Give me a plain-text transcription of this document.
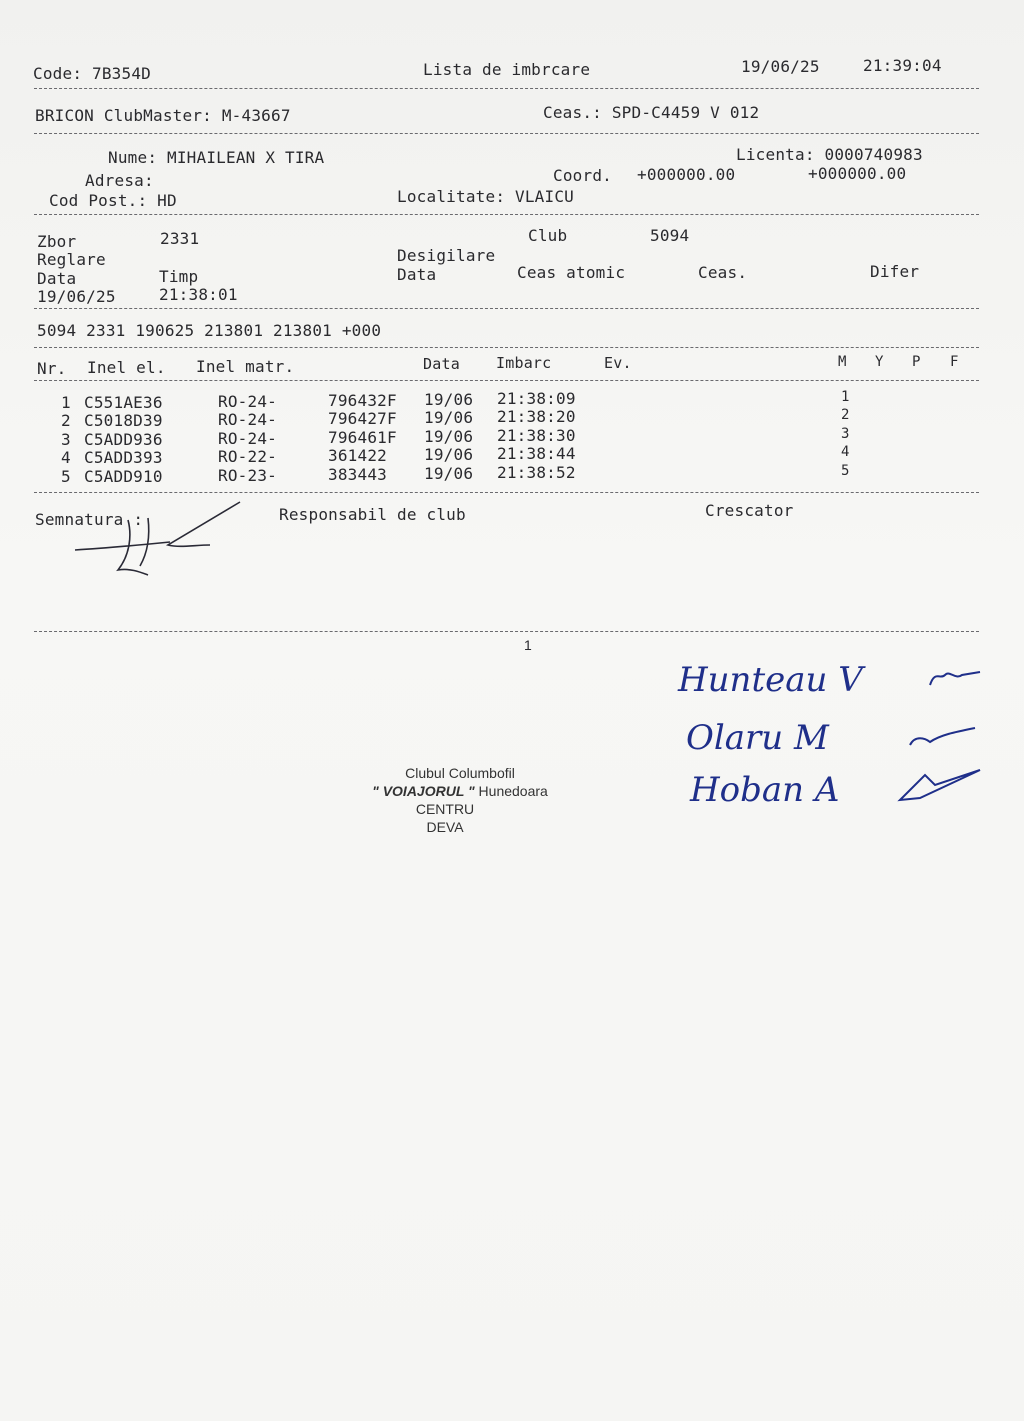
Code: 7B354D	Lista de imbrcare	19/06/25	21:39:04
BRICON ClubMaster: M-43667	Ceas.: SPD-C4459 V 012
Nume: MIHAILEAN X TIRA	Licenta: 0000740983
Adresa:	Coord. +000000.00	+000000.00
Cod Post.: HD	Localitate: VLAICU
Zbor	2331	Club	5094
Reglare	Desigilare
Data	Timp	Data	Ceas atomic	Ceas.	Difer
19/06/25	21:38:01
5094 2331 190625 213801 213801 +000
Nr. Inel el. Inel matr.	Data Imbarc	Ev.	M Y P F
1 C551AE36	RO-24-	796432F 19/06 21:38:09	1
2 C5018D39	RO-24-	796427F 19/06 21:38:20	2
3 C5ADD936	RO-24-	796461F 19/06 21:38:30	3
4 C5ADD393	RO-22-	361422 19/06 21:38:44	4
5 C5ADD910	RO-23-	383443 19/06 21:38:52	5
Semnatura :	Responsabil de club	Crescator
1
Clubul Columbofil
" VOIAJORUL " Hunedoara
CENTRU
DEVA
Hunteau V
Olaru M
Hoban A
